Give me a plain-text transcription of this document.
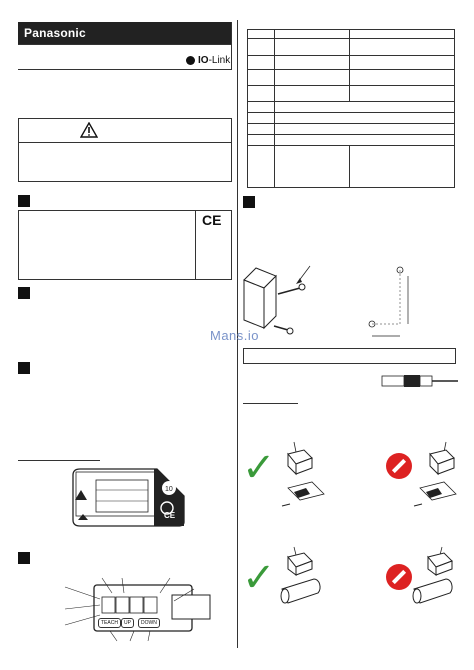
Panasonic
IO-Link
CE
10
CE
TEACH	UP	DOWN

Mans.io
✓
✓
